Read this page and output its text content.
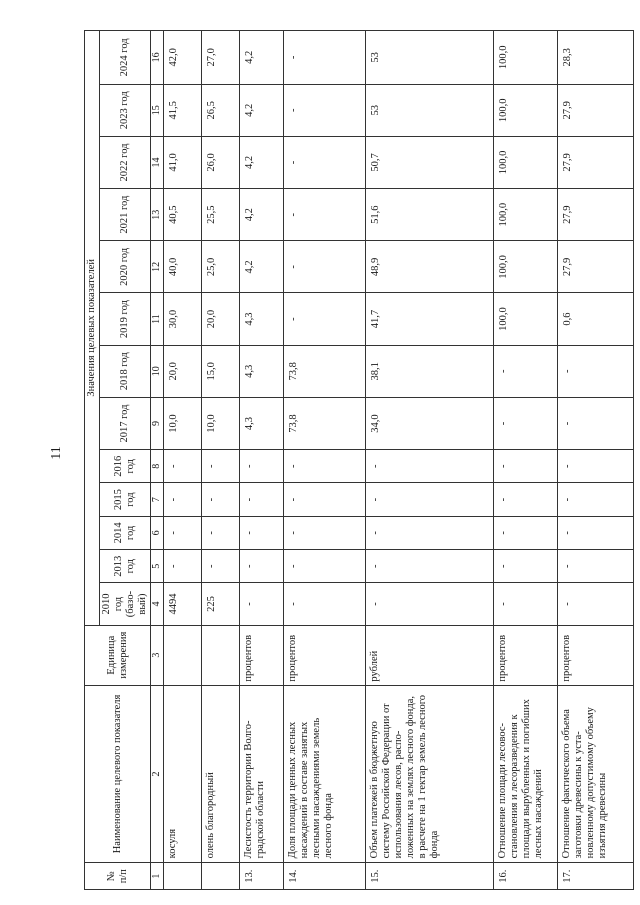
11
№ п/п	Наименование целевого показателя	Единица измерения	Значения целевых показателей												
			2010 год (базо-вый)	2013 год	2014 год	2015 год	2016 год	2017 год	2018 год	2019 год	2020 год	2021 год	2022 год	2023 год	2024 год
1	2	3	4	5	6	7	8	9	10	11	12	13	14	15	16
	косуля		4494	-	-	-	-	10,0	20,0	30,0	40,0	40,5	41,0	41,5	42,0
	олень благородный		225	-	-	-	-	10,0	15,0	20,0	25,0	25,5	26,0	26,5	27,0
13.	Лесистость территории Волго-градской области	процентов	-	-	-	-	-	4,3	4,3	4,3	4,2	4,2	4,2	4,2	4,2
14.	Доля площади ценных лесных насаждений в составе занятых лесными насаждениями земель лесного фонда	процентов	-	-	-	-	-	73,8	73,8	-	-	-	-	-	-
15.	Объем платежей в бюджетную систему Российской Федерации от использования лесов, распо-ложенных на землях лесного фонда, в расчете на 1 гектар земель лесного фонда	рублей	-	-	-	-	-	34,0	38,1	41,7	48,9	51,6	50,7	53	53
16.	Отношение площади лесовос-становления и лесоразведения к площади вырубленных и погибших лесных насаждений	процентов	-	-	-	-	-	-	-	100,0	100,0	100,0	100,0	100,0	100,0
17.	Отношение фактического объема заготовки древесины к уста-новленному допустимому объему изъятия древесины	процентов	-	-	-	-	-	-	-	0,6	27,9	27,9	27,9	27,9	28,3
